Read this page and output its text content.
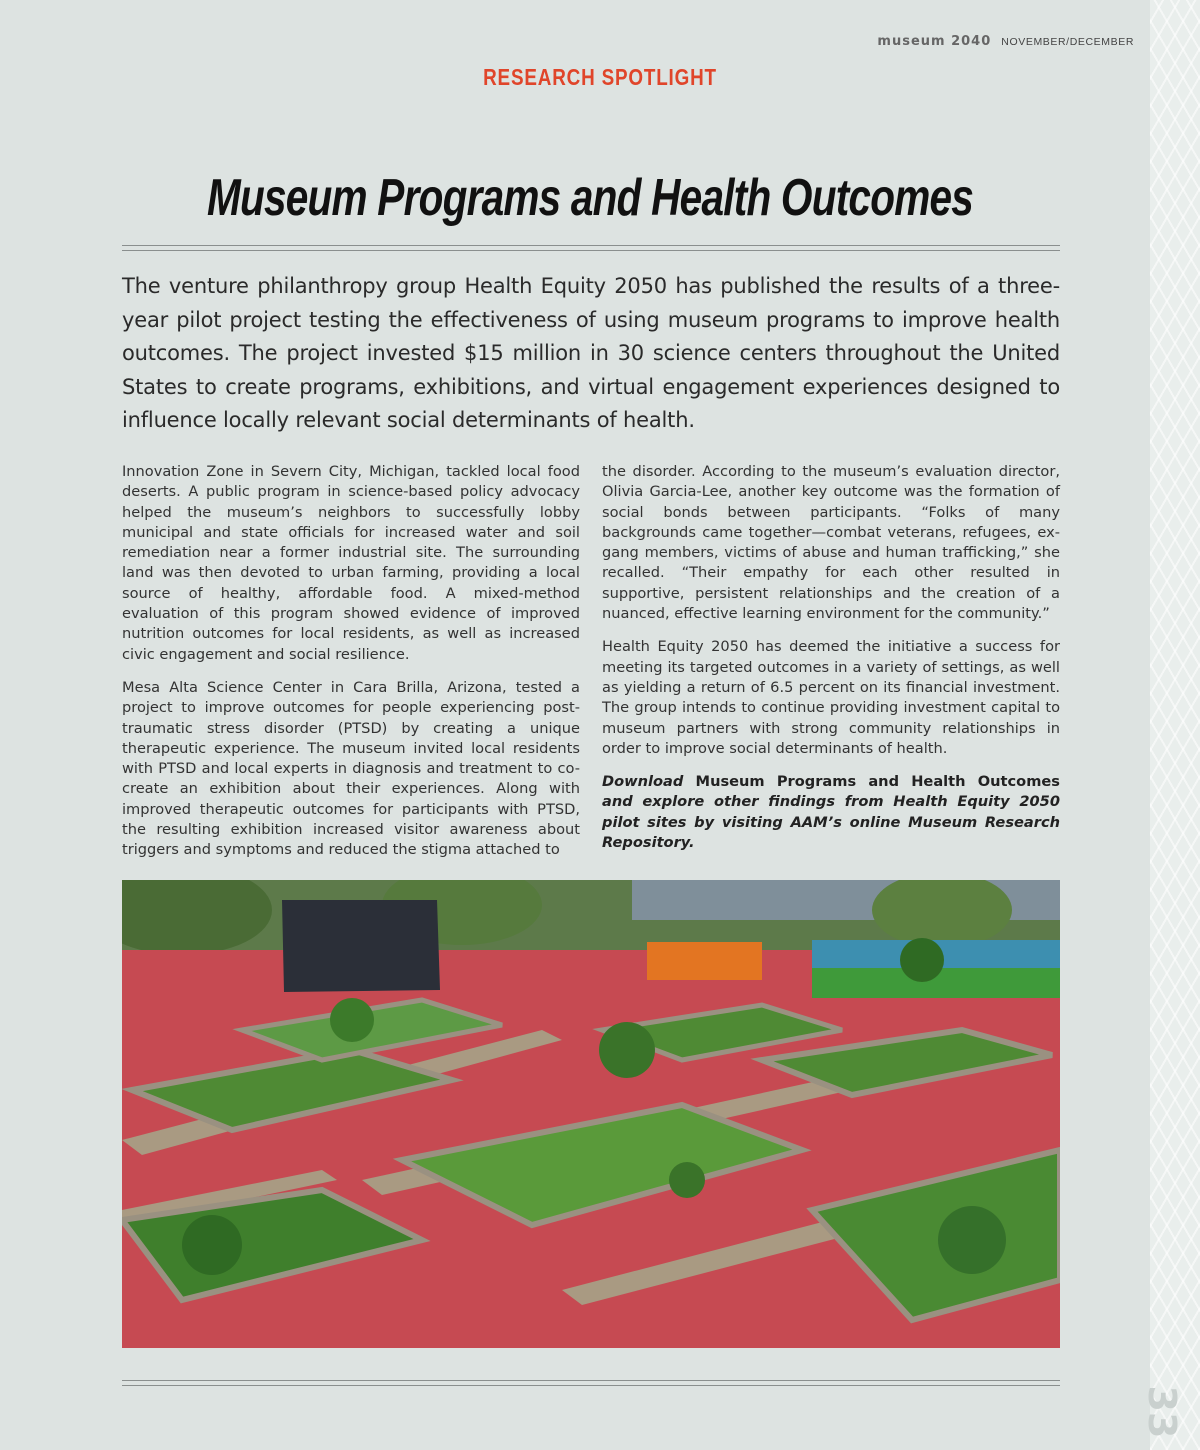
33
museum 2040 NOVEMBER/DECEMBER
RESEARCH SPOTLIGHT
Museum Programs and Health Outcomes

The venture philanthropy group Health Equity 2050 has published the results of a three-year pilot project testing the effectiveness of using museum programs to improve health outcomes. The project invested $15 million in 30 science centers throughout the United States to create programs, exhibitions, and virtual engagement experiences designed to influence locally relevant social determinants of health.

Innovation Zone in Severn City, Michigan, tackled local food deserts. A public program in science-based policy advocacy helped the museum’s neighbors to successfully lobby municipal and state officials for increased water and soil remediation near a former industrial site. The surrounding land was then devoted to urban farming, providing a local source of healthy, affordable food. A mixed-method evaluation of this program showed evidence of improved nutrition outcomes for local residents, as well as increased civic engagement and social resilience.

Mesa Alta Science Center in Cara Brilla, Arizona, tested a project to improve outcomes for people experiencing post-traumatic stress disorder (PTSD) by creating a unique therapeutic experience. The museum invited local residents with PTSD and local experts in diagnosis and treatment to co-create an exhibition about their experiences. Along with improved therapeutic outcomes for participants with PTSD, the resulting exhibition increased visitor awareness about triggers and symptoms and reduced the stigma attached to

the disorder. According to the museum’s evaluation director, Olivia Garcia-Lee, another key outcome was the formation of social bonds between participants. “Folks of many backgrounds came together—combat veterans, refugees, ex-gang members, victims of abuse and human trafficking,” she recalled. “Their empathy for each other resulted in supportive, persistent relationships and the creation of a nuanced, effective learning environment for the community.”

Health Equity 2050 has deemed the initiative a success for meeting its targeted outcomes in a variety of settings, as well as yielding a return of 6.5 percent on its financial investment. The group intends to continue providing investment capital to museum partners with strong community relationships in order to improve social determinants of health.

Download Museum Programs and Health Outcomes and explore other findings from Health Equity 2050 pilot sites by visiting AAM’s online Museum Research Repository.
